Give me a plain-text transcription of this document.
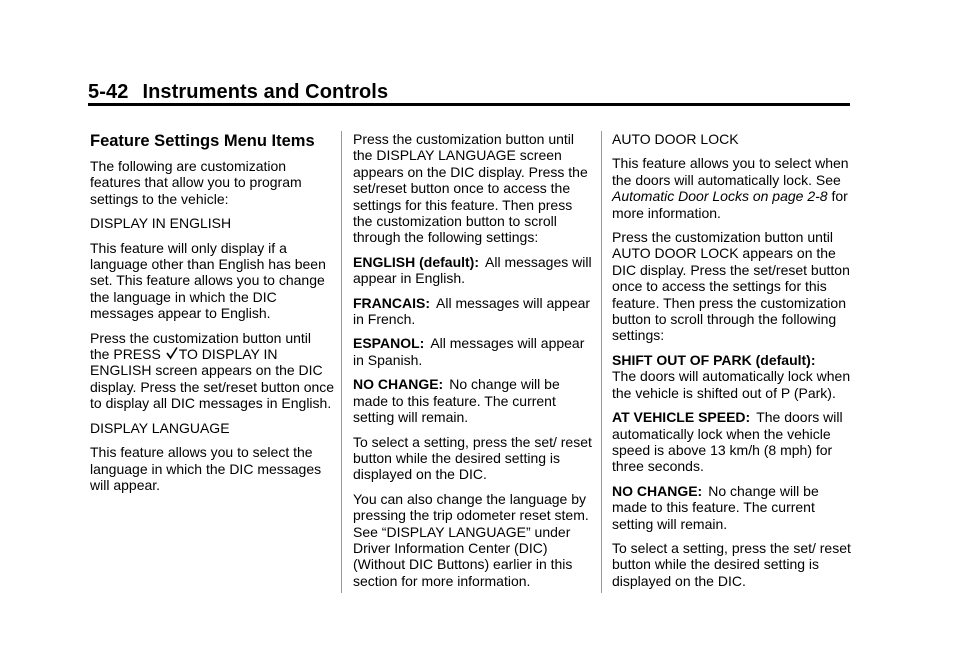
5-42 Instruments and Controls
Feature Settings Menu Items

The following are customization features that allow you to program settings to the vehicle:

DISPLAY IN ENGLISH

This feature will only display if a language other than English has been set. This feature allows you to change the language in which the DIC messages appear to English.

Press the customization button until
the PRESS TO DISPLAY IN
ENGLISH screen appears on the DIC display. Press the set/reset button once to display all DIC messages in English.

DISPLAY LANGUAGE

This feature allows you to select the language in which the DIC messages will appear.

Press the customization button until the DISPLAY LANGUAGE screen appears on the DIC display. Press the set/reset button once to access the settings for this feature. Then press the customization button to scroll through the following settings:

ENGLISH (default): All messages will appear in English.

FRANCAIS: All messages will appear in French.

ESPANOL: All messages will appear in Spanish.

NO CHANGE: No change will be made to this feature. The current setting will remain.

To select a setting, press the set/ reset button while the desired setting is displayed on the DIC.

You can also change the language by pressing the trip odometer reset stem. See “DISPLAY LANGUAGE” under Driver Information Center (DIC) (Without DIC Buttons) earlier in this section for more information.

AUTO DOOR LOCK

This feature allows you to select when the doors will automatically lock. See Automatic Door Locks on page 2-8 for more information.

Press the customization button until AUTO DOOR LOCK appears on the DIC display. Press the set/reset button once to access the settings for this feature. Then press the customization button to scroll through the following settings:

SHIFT OUT OF PARK (default):
The doors will automatically lock when the vehicle is shifted out of P (Park).

AT VEHICLE SPEED: The doors will automatically lock when the vehicle speed is above 13 km/h (8 mph) for three seconds.

NO CHANGE: No change will be made to this feature. The current setting will remain.

To select a setting, press the set/ reset button while the desired setting is displayed on the DIC.
